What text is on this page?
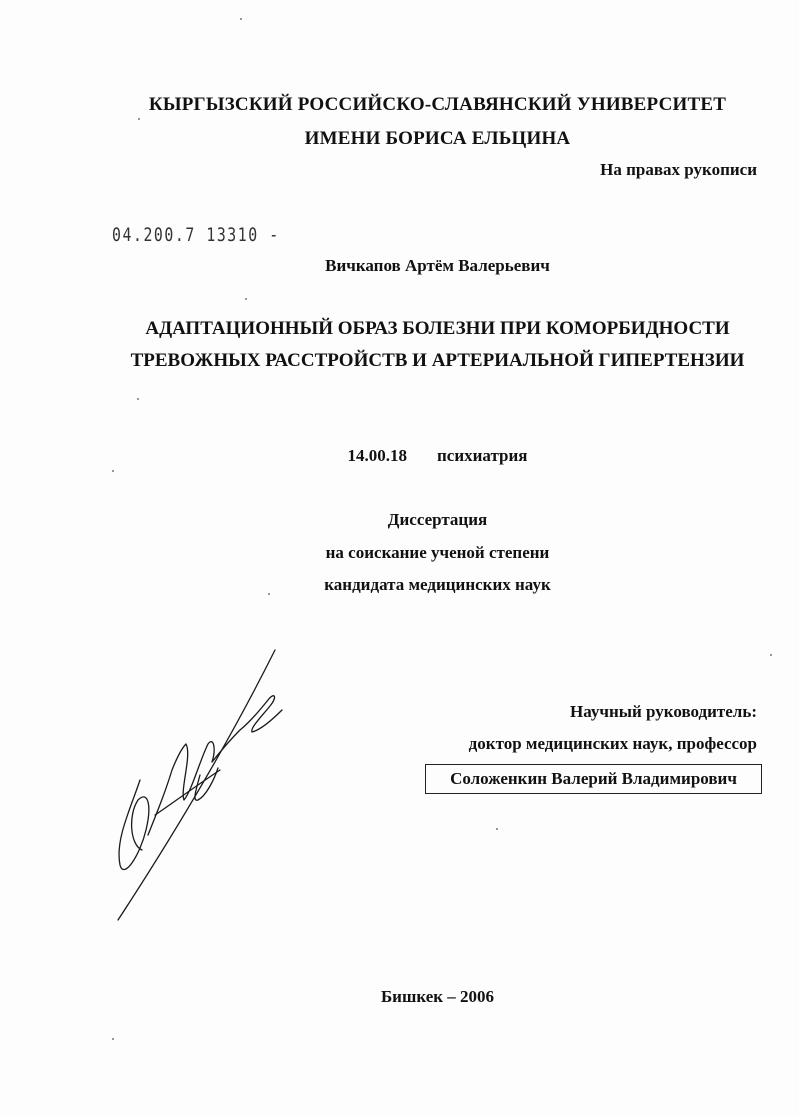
КЫРГЫЗСКИЙ РОССИЙСКО-СЛАВЯНСКИЙ УНИВЕРСИТЕТ
ИМЕНИ БОРИСА ЕЛЬЦИНА
На правах рукописи
04.200.7 13310 -
Вичкапов Артём Валерьевич
АДАПТАЦИОННЫЙ ОБРАЗ БОЛЕЗНИ ПРИ КОМОРБИДНОСТИ
ТРЕВОЖНЫХ РАССТРОЙСТВ И АРТЕРИАЛЬНОЙ ГИПЕРТЕНЗИИ
14.00.18 психиатрия
Диссертация
на соискание ученой степени
кандидата медицинских наук
Научный руководитель:
доктор медицинских наук, профессор
Соложенкин Валерий Владимирович
Бишкек – 2006
